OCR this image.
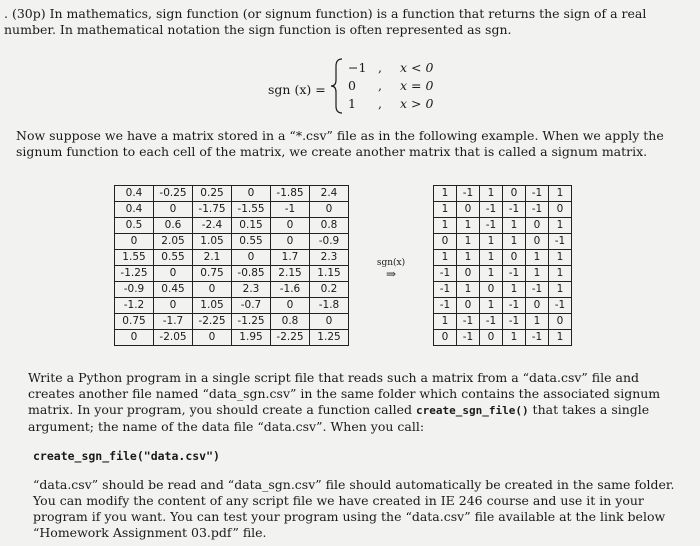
. (30p) In mathematics, sign function (or signum function) is a function that returns the sign of a real number. In mathematical notation the sign function is often represented as sgn.

sgn (x) =
−1 , x < 0
0 , x = 0
1 , x > 0

Now suppose we have a matrix stored in a “*.csv” file as in the following example. When we apply the signum function to each cell of the matrix, we create another matrix that is called a signum matrix.

0.4	-0.25	0.25	0	-1.85	2.4
0.4	0	-1.75	-1.55	-1	0
0.5	0.6	-2.4	0.15	0	0.8
0	2.05	1.05	0.55	0	-0.9
1.55	0.55	2.1	0	1.7	2.3
-1.25	0	0.75	-0.85	2.15	1.15
-0.9	0.45	0	2.3	-1.6	0.2
-1.2	0	1.05	-0.7	0	-1.8
0.75	-1.7	-2.25	-1.25	0.8	0
0	-2.05	0	1.95	-2.25	1.25
sgn(x)
⇒
1	-1	1	0	-1	1
1	0	-1	-1	-1	0
1	1	-1	1	0	1
0	1	1	1	0	-1
1	1	1	0	1	1
-1	0	1	-1	1	1
-1	1	0	1	-1	1
-1	0	1	-1	0	-1
1	-1	-1	-1	1	0
0	-1	0	1	-1	1

Write a Python program in a single script file that reads such a matrix from a “data.csv” file and creates another file named “data_sgn.csv” in the same folder which contains the associated signum matrix. In your program, you should create a function called create_sgn_file() that takes a single argument; the name of the data file “data.csv”. When you call:

create_sgn_file("data.csv")

“data.csv” should be read and “data_sgn.csv” file should automatically be created in the same folder. You can modify the content of any script file we have created in IE 246 course and use it in your program if you want. You can test your program using the “data.csv” file available at the link below “Homework Assignment 03.pdf” file.
